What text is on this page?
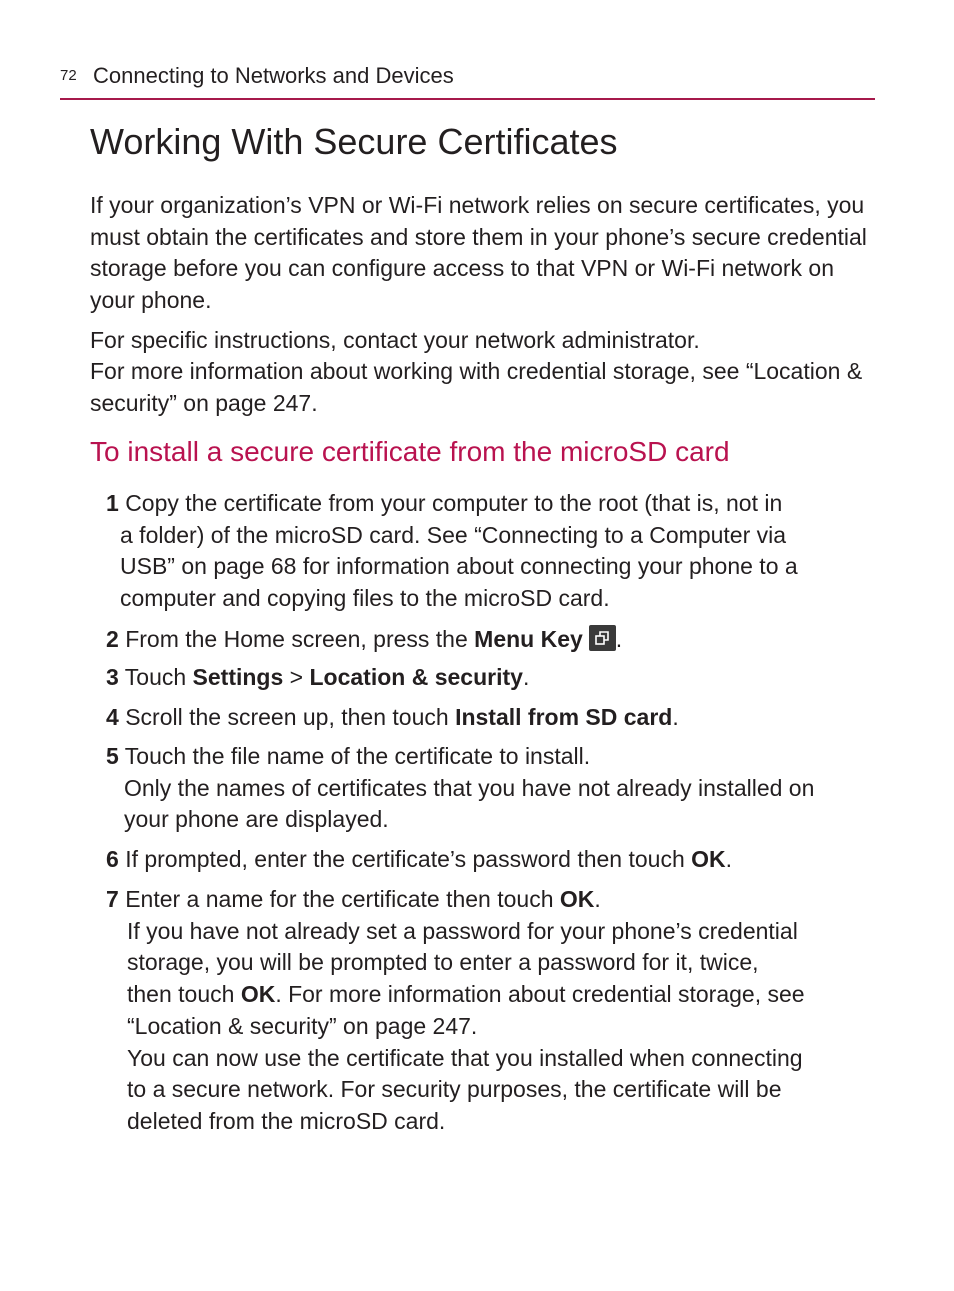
72 Connecting to Networks and Devices
Working With Secure Certificates

If your organization’s VPN or Wi-Fi network relies on secure certificates, you must obtain the certificates and store them in your phone’s secure credential storage before you can configure access to that VPN or Wi-Fi network on your phone.

For specific instructions, contact your network administrator.

For more information about working with credential storage, see “Location & security” on page 247.

To install a secure certificate from the microSD card
1 Copy the certificate from your computer to the root (that is, not in
a folder) of the microSD card. See “Connecting to a Computer via
USB” on page 68 for information about connecting your phone to a
computer and copying files to the microSD card.
2 From the Home screen, press the Menu Key .
3 Touch Settings > Location & security.
4 Scroll the screen up, then touch Install from SD card.
5 Touch the file name of the certificate to install.
Only the names of certificates that you have not already installed on
your phone are displayed.
6 If prompted, enter the certificate’s password then touch OK.
7 Enter a name for the certificate then touch OK.
If you have not already set a password for your phone’s credential
storage, you will be prompted to enter a password for it, twice,
then touch OK. For more information about credential storage, see
“Location & security” on page 247.
You can now use the certificate that you installed when connecting
to a secure network. For security purposes, the certificate will be
deleted from the microSD card.
